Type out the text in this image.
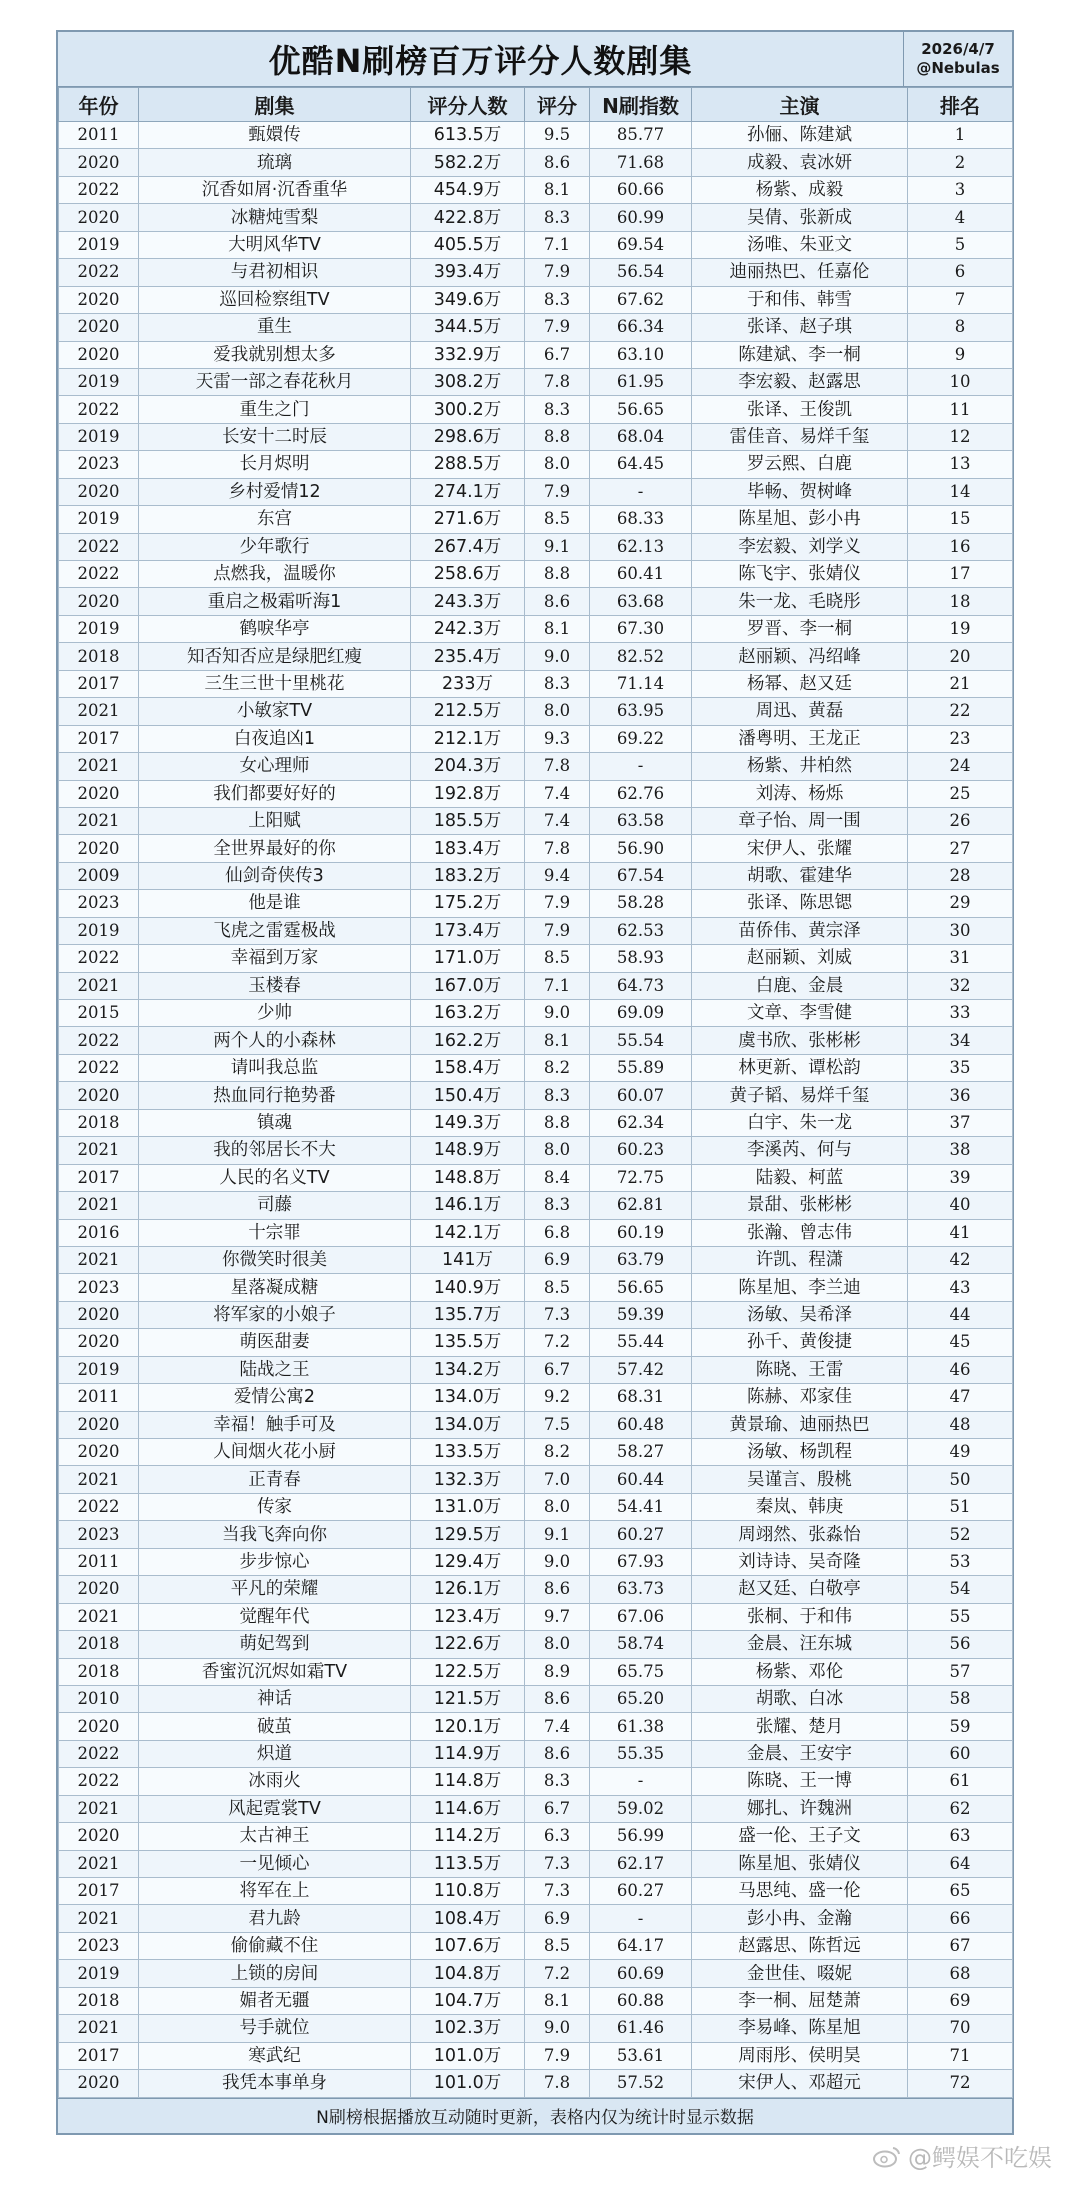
优酷N刷榜百万评分人数剧集	2026/4/7
@Nebulas
年份	剧集	评分人数	评分	N刷指数	主演	排名
2011	甄嬛传	613.5万	9.5	85.77	孙俪、陈建斌	1
2020	琉璃	582.2万	8.6	71.68	成毅、袁冰妍	2
2022	沉香如屑·沉香重华	454.9万	8.1	60.66	杨紫、成毅	3
2020	冰糖炖雪梨	422.8万	8.3	60.99	吴倩、张新成	4
2019	大明风华TV	405.5万	7.1	69.54	汤唯、朱亚文	5
2022	与君初相识	393.4万	7.9	56.54	迪丽热巴、任嘉伦	6
2020	巡回检察组TV	349.6万	8.3	67.62	于和伟、韩雪	7
2020	重生	344.5万	7.9	66.34	张译、赵子琪	8
2020	爱我就别想太多	332.9万	6.7	63.10	陈建斌、李一桐	9
2019	天雷一部之春花秋月	308.2万	7.8	61.95	李宏毅、赵露思	10
2022	重生之门	300.2万	8.3	56.65	张译、王俊凯	11
2019	长安十二时辰	298.6万	8.8	68.04	雷佳音、易烊千玺	12
2023	长月烬明	288.5万	8.0	64.45	罗云熙、白鹿	13
2020	乡村爱情12	274.1万	7.9	-	毕畅、贺树峰	14
2019	东宫	271.6万	8.5	68.33	陈星旭、彭小冉	15
2022	少年歌行	267.4万	9.1	62.13	李宏毅、刘学义	16
2022	点燃我，温暖你	258.6万	8.8	60.41	陈飞宇、张婧仪	17
2020	重启之极霜听海1	243.3万	8.6	63.68	朱一龙、毛晓彤	18
2019	鹤唳华亭	242.3万	8.1	67.30	罗晋、李一桐	19
2018	知否知否应是绿肥红瘦	235.4万	9.0	82.52	赵丽颖、冯绍峰	20
2017	三生三世十里桃花	233万	8.3	71.14	杨幂、赵又廷	21
2021	小敏家TV	212.5万	8.0	63.95	周迅、黄磊	22
2017	白夜追凶1	212.1万	9.3	69.22	潘粤明、王龙正	23
2021	女心理师	204.3万	7.8	-	杨紫、井柏然	24
2020	我们都要好好的	192.8万	7.4	62.76	刘涛、杨烁	25
2021	上阳赋	185.5万	7.4	63.58	章子怡、周一围	26
2020	全世界最好的你	183.4万	7.8	56.90	宋伊人、张耀	27
2009	仙剑奇侠传3	183.2万	9.4	67.54	胡歌、霍建华	28
2023	他是谁	175.2万	7.9	58.28	张译、陈思锶	29
2019	飞虎之雷霆极战	173.4万	7.9	62.53	苗侨伟、黄宗泽	30
2022	幸福到万家	171.0万	8.5	58.93	赵丽颖、刘威	31
2021	玉楼春	167.0万	7.1	64.73	白鹿、金晨	32
2015	少帅	163.2万	9.0	69.09	文章、李雪健	33
2022	两个人的小森林	162.2万	8.1	55.54	虞书欣、张彬彬	34
2022	请叫我总监	158.4万	8.2	55.89	林更新、谭松韵	35
2020	热血同行艳势番	150.4万	8.3	60.07	黄子韬、易烊千玺	36
2018	镇魂	149.3万	8.8	62.34	白宇、朱一龙	37
2021	我的邻居长不大	148.9万	8.0	60.23	李溪芮、何与	38
2017	人民的名义TV	148.8万	8.4	72.75	陆毅、柯蓝	39
2021	司藤	146.1万	8.3	62.81	景甜、张彬彬	40
2016	十宗罪	142.1万	6.8	60.19	张瀚、曾志伟	41
2021	你微笑时很美	141万	6.9	63.79	许凯、程潇	42
2023	星落凝成糖	140.9万	8.5	56.65	陈星旭、李兰迪	43
2020	将军家的小娘子	135.7万	7.3	59.39	汤敏、吴希泽	44
2020	萌医甜妻	135.5万	7.2	55.44	孙千、黄俊捷	45
2019	陆战之王	134.2万	6.7	57.42	陈晓、王雷	46
2011	爱情公寓2	134.0万	9.2	68.31	陈赫、邓家佳	47
2020	幸福！触手可及	134.0万	7.5	60.48	黄景瑜、迪丽热巴	48
2020	人间烟火花小厨	133.5万	8.2	58.27	汤敏、杨凯程	49
2021	正青春	132.3万	7.0	60.44	吴谨言、殷桃	50
2022	传家	131.0万	8.0	54.41	秦岚、韩庚	51
2023	当我飞奔向你	129.5万	9.1	60.27	周翊然、张淼怡	52
2011	步步惊心	129.4万	9.0	67.93	刘诗诗、吴奇隆	53
2020	平凡的荣耀	126.1万	8.6	63.73	赵又廷、白敬亭	54
2021	觉醒年代	123.4万	9.7	67.06	张桐、于和伟	55
2018	萌妃驾到	122.6万	8.0	58.74	金晨、汪东城	56
2018	香蜜沉沉烬如霜TV	122.5万	8.9	65.75	杨紫、邓伦	57
2010	神话	121.5万	8.6	65.20	胡歌、白冰	58
2020	破茧	120.1万	7.4	61.38	张耀、楚月	59
2022	炽道	114.9万	8.6	55.35	金晨、王安宇	60
2022	冰雨火	114.8万	8.3	-	陈晓、王一博	61
2021	风起霓裳TV	114.6万	6.7	59.02	娜扎、许魏洲	62
2020	太古神王	114.2万	6.3	56.99	盛一伦、王子文	63
2021	一见倾心	113.5万	7.3	62.17	陈星旭、张婧仪	64
2017	将军在上	110.8万	7.3	60.27	马思纯、盛一伦	65
2021	君九龄	108.4万	6.9	-	彭小冉、金瀚	66
2023	偷偷藏不住	107.6万	8.5	64.17	赵露思、陈哲远	67
2019	上锁的房间	104.8万	7.2	60.69	金世佳、啜妮	68
2018	媚者无疆	104.7万	8.1	60.88	李一桐、屈楚萧	69
2021	号手就位	102.3万	9.0	61.46	李易峰、陈星旭	70
2017	寒武纪	101.0万	7.9	53.61	周雨彤、侯明昊	71
2020	我凭本事单身	101.0万	7.8	57.52	宋伊人、邓超元	72
N刷榜根据播放互动随时更新，表格内仅为统计时显示数据
@鳄娱不吃娱
